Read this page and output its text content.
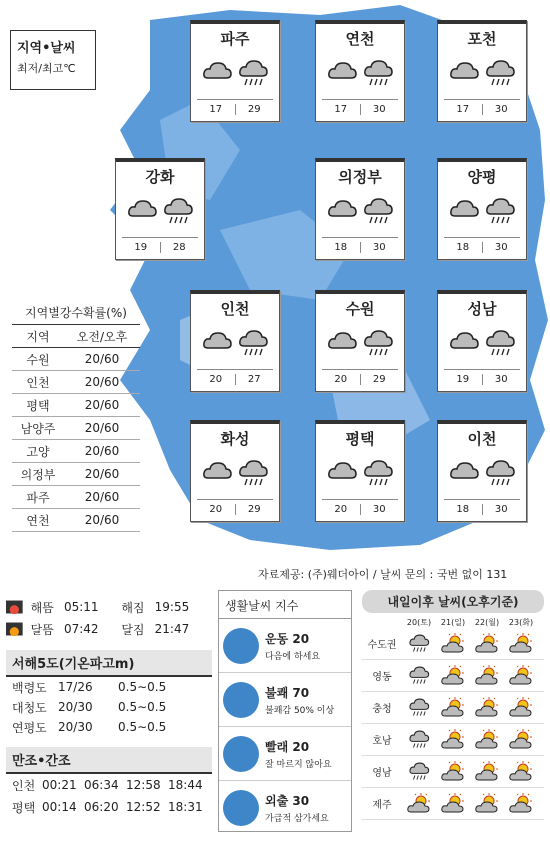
지역•날씨
최저/최고℃
파주
17	29
연천
17	30
포천
17	30
강화
19	28
의정부
18	30
양평
18	30
인천
20	27
수원
20	29
성남
19	30
화성
20	29
평택
20	30
이천
18	30
지역별강수확률(%)
지역	오전/오후
수원	20/60
인천	20/60
평택	20/60
남양주	20/60
고양	20/60
의정부	20/60
파주	20/60
연천	20/60
자료제공: (주)웨더아이 / 날씨 문의 : 국번 없이 131
해뜸 05:11	해짐 19:55
달뜸 07:42	달짐 21:47
서해5도(기온파고m)
백령도 17/26	0.5∼0.5
대청도 20/30	0.5∼0.5
연평도 20/30	0.5∼0.5
만조•간조
인천 00:21 06:34 12:58 18:44
평택 00:14 06:20 12:52 18:31
생활날씨 지수
운동 20
다음에 하세요
불쾌 70
불쾌감 50% 이상
빨래 20
잘 마르지 않아요
외출 30
가급적 삼가세요
내일이후 날씨(오후기준)
20(토)	21(일)	22(월)	23(화)
수도권
영동
충청
호남
영남
제주
